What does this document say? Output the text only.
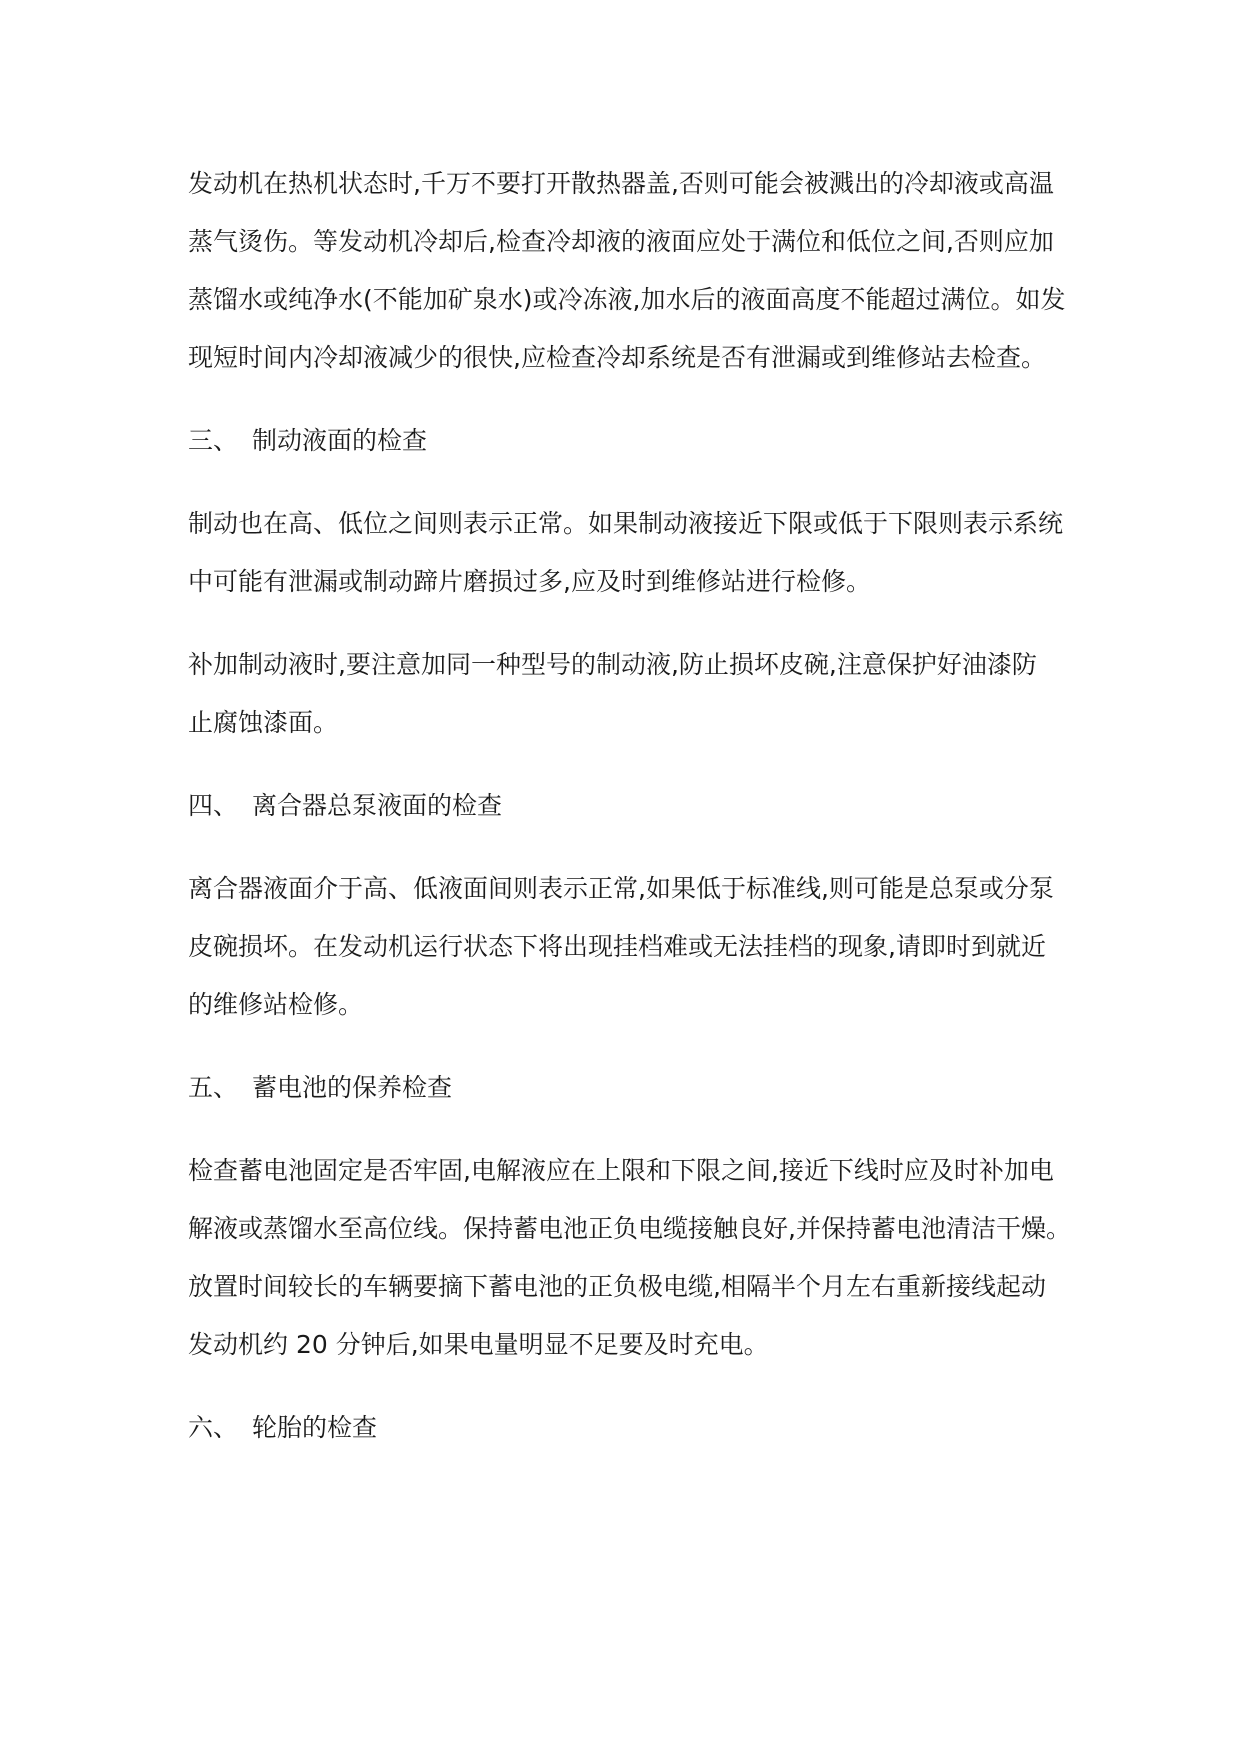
发动机在热机状态时,千万不要打开散热器盖,否则可能会被溅出的冷却液或高温
蒸气烫伤。等发动机冷却后,检查冷却液的液面应处于满位和低位之间,否则应加
蒸馏水或纯净水(不能加矿泉水)或冷冻液,加水后的液面高度不能超过满位。如发
现短时间内冷却液减少的很快,应检查冷却系统是否有泄漏或到维修站去检查。
三、 制动液面的检查
制动也在高、低位之间则表示正常。如果制动液接近下限或低于下限则表示系统
中可能有泄漏或制动蹄片磨损过多,应及时到维修站进行检修。
补加制动液时,要注意加同一种型号的制动液,防止损坏皮碗,注意保护好油漆防
止腐蚀漆面。
四、 离合器总泵液面的检查
离合器液面介于高、低液面间则表示正常,如果低于标准线,则可能是总泵或分泵
皮碗损坏。在发动机运行状态下将出现挂档难或无法挂档的现象,请即时到就近
的维修站检修。
五、 蓄电池的保养检查
检查蓄电池固定是否牢固,电解液应在上限和下限之间,接近下线时应及时补加电
解液或蒸馏水至高位线。保持蓄电池正负电缆接触良好,并保持蓄电池清洁干燥。
放置时间较长的车辆要摘下蓄电池的正负极电缆,相隔半个月左右重新接线起动
发动机约 20 分钟后,如果电量明显不足要及时充电。
六、 轮胎的检查
